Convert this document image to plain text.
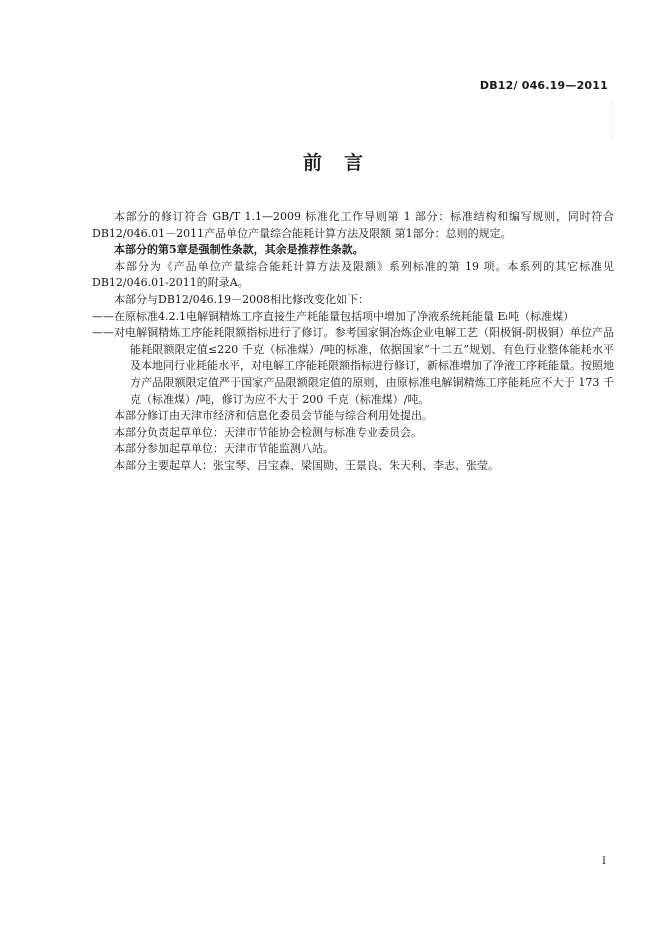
DB12/ 046.19—2011
前言

本部分的修订符合 GB/T 1.1—2009 标准化工作导则第 1 部分：标准结构和编写规则，同时符合DB12/046.01－2011产品单位产量综合能耗计算方法及限额 第1部分：总则的规定。

本部分的第5章是强制性条款，其余是推荐性条款。

本部分为《产品单位产量综合能耗计算方法及限额》系列标准的第 19 项。本系列的其它标准见DB12/046.01-2011的附录A。

本部分与DB12/046.19－2008相比修改变化如下：

——在原标准4.2.1电解铜精炼工序直接生产耗能量包括项中增加了净液系统耗能量 Eₗ吨（标准煤）

——对电解铜精炼工序能耗限额指标进行了修订。参考国家铜冶炼企业电解工艺（阳极铜-阴极铜）单位产品能耗限额限定值≤220 千克（标准煤）/吨的标准，依据国家“十二五”规划、有色行业整体能耗水平及本地同行业耗能水平，对电解工序能耗限额指标进行修订，新标准增加了净液工序耗能量。按照地方产品限额限定值严于国家产品限额限定值的原则，由原标准电解铜精炼工序能耗应不大于 173 千克（标准煤）/吨，修订为应不大于 200 千克（标准煤）/吨。

本部分修订由天津市经济和信息化委员会节能与综合利用处提出。

本部分负责起草单位：天津市节能协会检测与标准专业委员会。

本部分参加起草单位：天津市节能监测八站。

本部分主要起草人：张宝琴、吕宝森、梁国勋、王景良、朱天利、李志、张莹。

I
